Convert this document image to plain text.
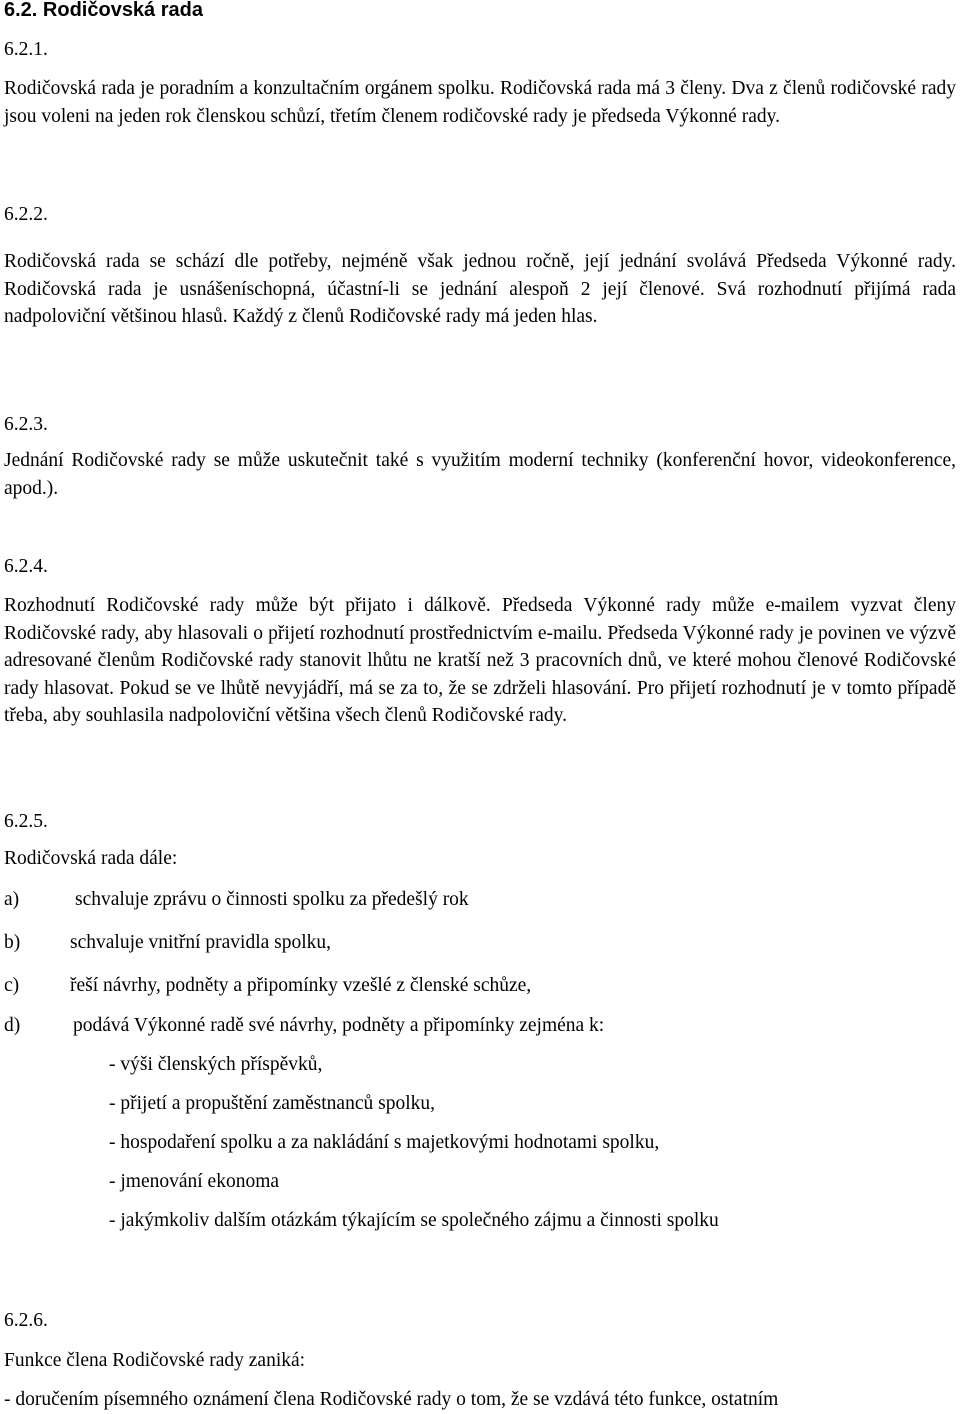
6.2. Rodičovská rada
6.2.1.
Rodičovská rada je poradním a konzultačním orgánem spolku. Rodičovská rada má 3 členy. Dva z členů rodičovské rady jsou voleni na jeden rok členskou schůzí, třetím členem rodičovské rady je předseda Výkonné rady.
6.2.2.
Rodičovská rada se schází dle potřeby, nejméně však jednou ročně, její jednání svolává Předseda Výkonné rady. Rodičovská rada je usnášeníschopná, účastní-li se jednání alespoň 2 její členové. Svá rozhodnutí přijímá rada nadpoloviční většinou hlasů. Každý z členů Rodičovské rady má jeden hlas.
6.2.3.
Jednání Rodičovské rady se může uskutečnit také s využitím moderní techniky (konferenční hovor, videokonference, apod.).
6.2.4.
Rozhodnutí Rodičovské rady může být přijato i dálkově. Předseda Výkonné rady může e-mailem vyzvat členy Rodičovské rady, aby hlasovali o přijetí rozhodnutí prostřednictvím e-mailu. Předseda Výkonné rady je povinen ve výzvě adresované členům Rodičovské rady stanovit lhůtu ne kratší než 3 pracovních dnů, ve které mohou členové Rodičovské rady hlasovat. Pokud se ve lhůtě nevyjádří, má se za to, že se zdrželi hlasování. Pro přijetí rozhodnutí je v tomto případě třeba, aby souhlasila nadpoloviční většina všech členů Rodičovské rady.
6.2.5.
Rodičovská rada dále:
a)	schvaluje zprávu o činnosti spolku za předešlý rok
b)	schvaluje vnitřní pravidla spolku,
c)	řeší návrhy, podněty a připomínky vzešlé z členské schůze,
d)	podává Výkonné radě své návrhy, podněty a připomínky zejména k:
- výši členských příspěvků,
- přijetí a propuštění zaměstnanců spolku,
- hospodaření spolku a za nakládání s majetkovými hodnotami spolku,
- jmenování ekonoma
- jakýmkoliv dalším otázkám týkajícím se společného zájmu a činnosti spolku
6.2.6.
Funkce člena Rodičovské rady zaniká:
- doručením písemného oznámení člena Rodičovské rady o tom, že se vzdává této funkce, ostatním
